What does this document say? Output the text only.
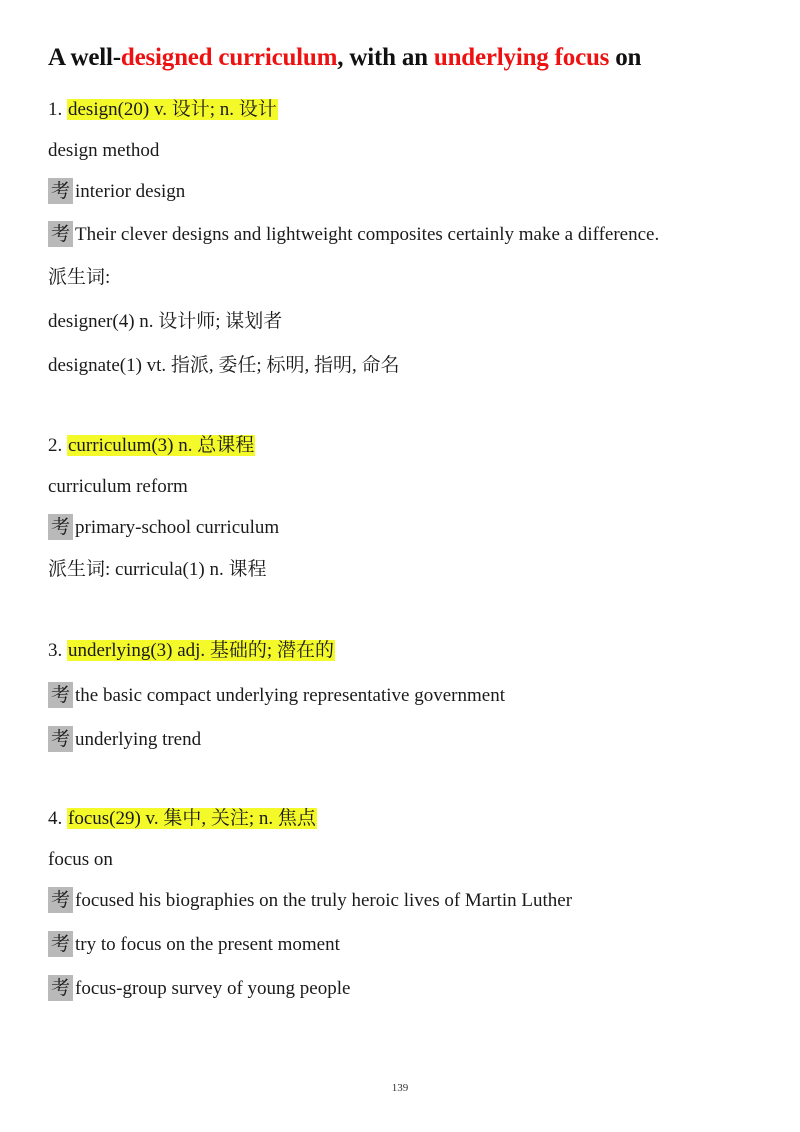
A well-designed curriculum, with an underlying focus on
1. design(20) v. 设计; n. 设计
design method
考 interior design
考 Their clever designs and lightweight composites certainly make a difference.
派生词:
designer(4) n. 设计师; 谋划者
designate(1) vt. 指派, 委任; 标明, 指明, 命名
2. curriculum(3) n. 总课程
curriculum reform
考 primary-school curriculum
派生词: curricula(1) n. 课程
3. underlying(3) adj. 基础的; 潜在的
考 the basic compact underlying representative government
考 underlying trend
4. focus(29) v. 集中, 关注; n. 焦点
focus on
考 focused his biographies on the truly heroic lives of Martin Luther
考 try to focus on the present moment
考 focus-group survey of young people
139
